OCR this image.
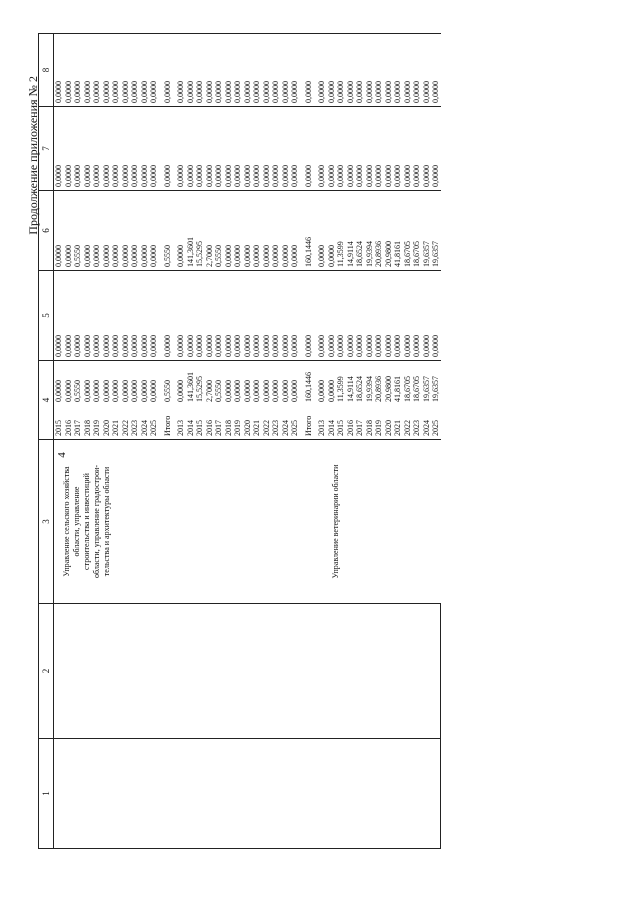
4
Продолжение приложения № 2
1	2	3	4		5	6	7	8

		Управление сельского хозяйства области, управление строительства и инвестиций области, управление градострои- тельства и архитектуры области	2015	0,0000	0,0000	0,0000	0,0000	0,0000
			2016	0,0000	0,0000	0,0000	0,0000	0,0000
			2017	0,5550	0,0000	0,5550	0,0000	0,0000
			2018	0,0000	0,0000	0,0000	0,0000	0,0000
			2019	0,0000	0,0000	0,0000	0,0000	0,0000
			2020	0,0000	0,0000	0,0000	0,0000	0,0000
			2021	0,0000	0,0000	0,0000	0,0000	0,0000
			2022	0,0000	0,0000	0,0000	0,0000	0,0000
			2023	0,0000	0,0000	0,0000	0,0000	0,0000
			2024	0,0000	0,0000	0,0000	0,0000	0,0000
			2025	0,0000	0,0000	0,0000	0,0000	0,0000
			Итого	0,5550	0,0000	0,5550	0,0000	0,0000
			2013	0,0000	0,0000	0,0000	0,0000	0,0000
			2014	141,3601	0,0000	141,3601	0,0000	0,0000
			2015	15,5295	0,0000	15,5295	0,0000	0,0000
			2016	2,7000	0,0000	2,7000	0,0000	0,0000
			2017	0,5550	0,0000	0,5550	0,0000	0,0000
			2018	0,0000	0,0000	0,0000	0,0000	0,0000
			2019	0,0000	0,0000	0,0000	0,0000	0,0000
			2020	0,0000	0,0000	0,0000	0,0000	0,0000
			2021	0,0000	0,0000	0,0000	0,0000	0,0000
			2022	0,0000	0,0000	0,0000	0,0000	0,0000
			2023	0,0000	0,0000	0,0000	0,0000	0,0000
			2024	0,0000	0,0000	0,0000	0,0000	0,0000
			2025	0,0000	0,0000	0,0000	0,0000	0,0000
			Итого	160,1446	0,0000	160,1446	0,0000	0,0000

		Управление ветеринарии области	2013	0,0000	0,0000	0,0000	0,0000	0,0000
			2014	0,0000	0,0000	0,0000	0,0000	0,0000
			2015	11,3599	0,0000	11,3599	0,0000	0,0000
			2016	14,9114	0,0000	14,9114	0,0000	0,0000
			2017	18,6524	0,0000	18,6524	0,0000	0,0000
			2018	19,9394	0,0000	19,9394	0,0000	0,0000
			2019	20,8936	0,0000	20,8936	0,0000	0,0000
			2020	20,9800	0,0000	20,9800	0,0000	0,0000
			2021	41,8161	0,0000	41,8161	0,0000	0,0000
			2022	18,6705	0,0000	18,6705	0,0000	0,0000
			2023	18,6705	0,0000	18,6705	0,0000	0,0000
			2024	19,6357	0,0000	19,6357	0,0000	0,0000
			2025	19,6357	0,0000	19,6357	0,0000	0,0000
